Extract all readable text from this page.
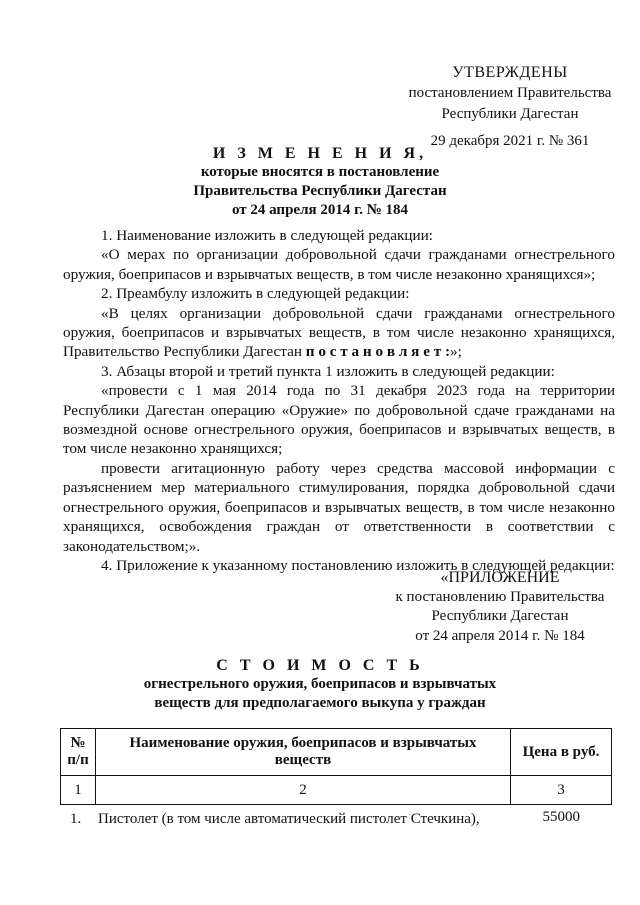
УТВЕРЖДЕНЫ
постановлением Правительства
Республики Дагестан
29 декабря 2021 г. № 361
И З М Е Н Е Н И Я,
которые вносятся в постановление
Правительства Республики Дагестан
от 24 апреля 2014 г. № 184

1. Наименование изложить в следующей редакции:

«О мерах по организации добровольной сдачи гражданами огнестрельного оружия, боеприпасов и взрывчатых веществ, в том числе незаконно хранящихся»;

2. Преамбулу изложить в следующей редакции:

«В целях организации добровольной сдачи гражданами огнестрельного оружия, боеприпасов и взрывчатых веществ, в том числе незаконно хранящихся, Правительство Республики Дагестан п о с т а н о в л я е т :»;

3. Абзацы второй и третий пункта 1 изложить в следующей редакции:

«провести с 1 мая 2014 года по 31 декабря 2023 года на территории Республики Дагестан операцию «Оружие» по добровольной сдаче гражданами на возмездной основе огнестрельного оружия, боеприпасов и взрывчатых веществ, в том числе незаконно хранящихся;

провести агитационную работу через средства массовой информации с разъяснением мер материального стимулирования, порядка добровольной сдачи огнестрельного оружия, боеприпасов и взрывчатых веществ, в том числе незаконно хранящихся, освобождения граждан от ответственности в соответствии с законодательством;».

4. Приложение к указанному постановлению изложить в следующей редакции:

«ПРИЛОЖЕНИЕ
к постановлению Правительства
Республики Дагестан
от 24 апреля 2014 г. № 184
С Т О И М О С Т Ь
огнестрельного оружия, боеприпасов и взрывчатых
веществ для предполагаемого выкупа у граждан
№ п/п	Наименование оружия, боеприпасов и взрывчатых веществ	Цена в руб.
1	2	3
1. Пистолет (в том числе автоматический пистолет Стечкина),	55000
